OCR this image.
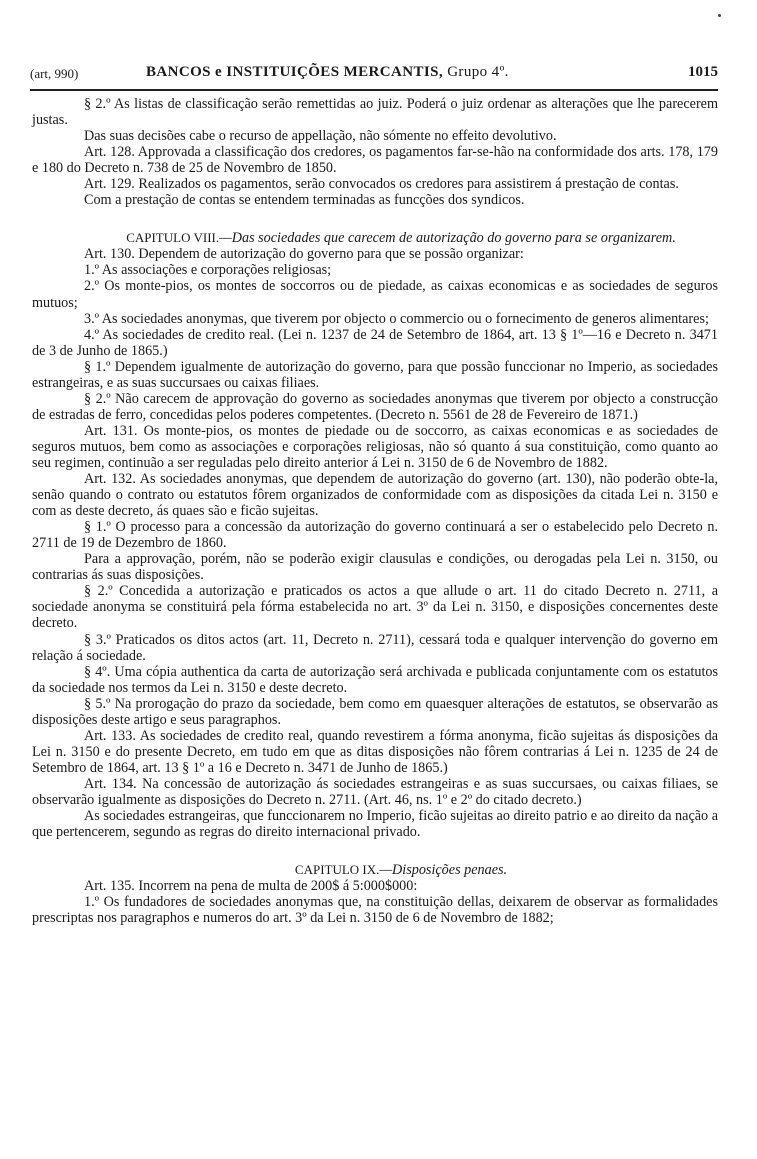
(art, 990)	BANCOS e INSTITUIÇÕES MERCANTIS, Grupo 4º.	1015

§ 2.º As listas de classificação serão remettidas ao juiz. Poderá o juiz ordenar as alterações que lhe parecerem justas.

Das suas decisões cabe o recurso de appellação, não sómente no effeito devolutivo.

Art. 128. Approvada a classificação dos credores, os pagamentos far-se-hão na conformidade dos arts. 178, 179 e 180 do Decreto n. 738 de 25 de Novembro de 1850.

Art. 129. Realizados os pagamentos, serão convocados os credores para assistirem á prestação de contas.

Com a prestação de contas se entendem terminadas as funcções dos syndicos.

CAPITULO VIII.—Das sociedades que carecem de autorização do governo para se organizarem.

Art. 130. Dependem de autorização do governo para que se possão organizar:

1.º As associações e corporações religiosas;

2.º Os monte-pios, os montes de soccorros ou de piedade, as caixas economicas e as sociedades de seguros mutuos;

3.º As sociedades anonymas, que tiverem por objecto o commercio ou o fornecimento de generos alimentares;

4.º As sociedades de credito real. (Lei n. 1237 de 24 de Setembro de 1864, art. 13 § 1º—16 e Decreto n. 3471 de 3 de Junho de 1865.)

§ 1.º Dependem igualmente de autorização do governo, para que possão funccionar no Imperio, as sociedades estrangeiras, e as suas succursaes ou caixas filiaes.

§ 2.º Não carecem de approvação do governo as sociedades anonymas que tiverem por objecto a construcção de estradas de ferro, concedidas pelos poderes competentes. (Decreto n. 5561 de 28 de Fevereiro de 1871.)

Art. 131. Os monte-pios, os montes de piedade ou de soccorro, as caixas economicas e as sociedades de seguros mutuos, bem como as associações e corporações religiosas, não só quanto á sua constituição, como quanto ao seu regimen, continuão a ser reguladas pelo direito anterior á Lei n. 3150 de 6 de Novembro de 1882.

Art. 132. As sociedades anonymas, que dependem de autorização do governo (art. 130), não poderão obte-la, senão quando o contrato ou estatutos fôrem organizados de conformidade com as disposições da citada Lei n. 3150 e com as deste decreto, ás quaes são e ficão sujeitas.

§ 1.º O processo para a concessão da autorização do governo continuará a ser o estabelecido pelo Decreto n. 2711 de 19 de Dezembro de 1860.

Para a approvação, porém, não se poderão exigir clausulas e condições, ou derogadas pela Lei n. 3150, ou contrarias ás suas disposições.

§ 2.º Concedida a autorização e praticados os actos a que allude o art. 11 do citado Decreto n. 2711, a sociedade anonyma se constituirá pela fórma estabelecida no art. 3º da Lei n. 3150, e disposições concernentes deste decreto.

§ 3.º Praticados os ditos actos (art. 11, Decreto n. 2711), cessará toda e qualquer intervenção do governo em relação á sociedade.

§ 4º. Uma cópia authentica da carta de autorização será archivada e publicada conjuntamente com os estatutos da sociedade nos termos da Lei n. 3150 e deste decreto.

§ 5.º Na prorogação do prazo da sociedade, bem como em quaesquer alterações de estatutos, se observarão as disposições deste artigo e seus paragraphos.

Art. 133. As sociedades de credito real, quando revestirem a fórma anonyma, ficão sujeitas ás disposições da Lei n. 3150 e do presente Decreto, em tudo em que as ditas disposições não fôrem contrarias á Lei n. 1235 de 24 de Setembro de 1864, art. 13 § 1º a 16 e Decreto n. 3471 de Junho de 1865.)

Art. 134. Na concessão de autorização ás sociedades estrangeiras e as suas succursaes, ou caixas filiaes, se observarão igualmente as disposições do Decreto n. 2711. (Art. 46, ns. 1º e 2º do citado decreto.)

As sociedades estrangeiras, que funccionarem no Imperio, ficão sujeitas ao direito patrio e ao direito da nação a que pertencerem, segundo as regras do direito internacional privado.

CAPITULO IX.—Disposições penaes.

Art. 135. Incorrem na pena de multa de 200$ á 5:000$000:

1.º Os fundadores de sociedades anonymas que, na constituição dellas, deixarem de observar as formalidades prescriptas nos paragraphos e numeros do art. 3º da Lei n. 3150 de 6 de Novembro de 1882;
